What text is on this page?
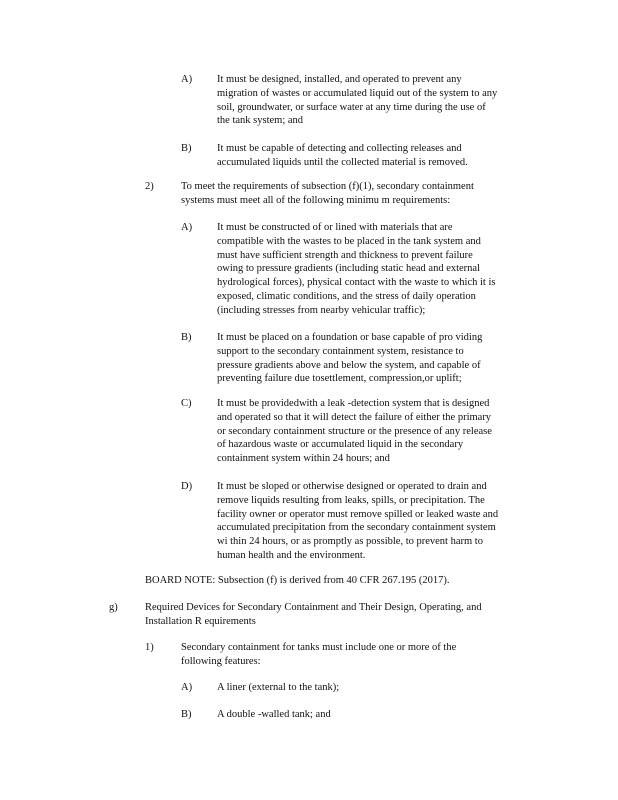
A) It must be designed, installed, and operated to prevent any
migration of wastes or accumulated liquid out of the system to any
soil, groundwater, or surface water at any time during the use of
the tank system; and
B) It must be capable of detecting and collecting releases and
accumulated liquids until the collected material is removed.
2)	To meet the requirements of subsection (f)(1), secondary containment
systems must meet all of the following minimu m requirements:
A) It must be constructed of or lined with materials that are
compatible with the wastes to be placed in the tank system and
must have sufficient strength and thickness to prevent failure
owing to pressure gradients (including static head and external
hydrological forces), physical contact with the waste to which it is
exposed, climatic conditions, and the stress of daily operation
(including stresses from nearby vehicular traffic);
B) It must be placed on a foundation or base capable of pro viding
support to the secondary containment system, resistance to
pressure gradients above and below the system, and capable of
preventing failure due tosettlement, compression,or uplift;
C) It must be providedwith a leak -detection system that is designed
and operated so that it will detect the failure of either the primary
or secondary containment structure or the presence of any release
of hazardous waste or accumulated liquid in the secondary
containment system within 24 hours; and
D) It must be sloped or otherwise designed or operated to drain and
remove liquids resulting from leaks, spills, or precipitation. The
facility owner or operator must remove spilled or leaked waste and
accumulated precipitation from the secondary containment system
wi thin 24 hours, or as promptly as possible, to prevent harm to
human health and the environment.
BOARD NOTE: Subsection (f) is derived from 40 CFR 267.195 (2017).
g)	Required Devices for Secondary Containment and Their Design, Operating, and
Installation R equirements
1)	Secondary containment for tanks must include one or more of the
following features:
A) A liner (external to the tank);
B) A double -walled tank; and
